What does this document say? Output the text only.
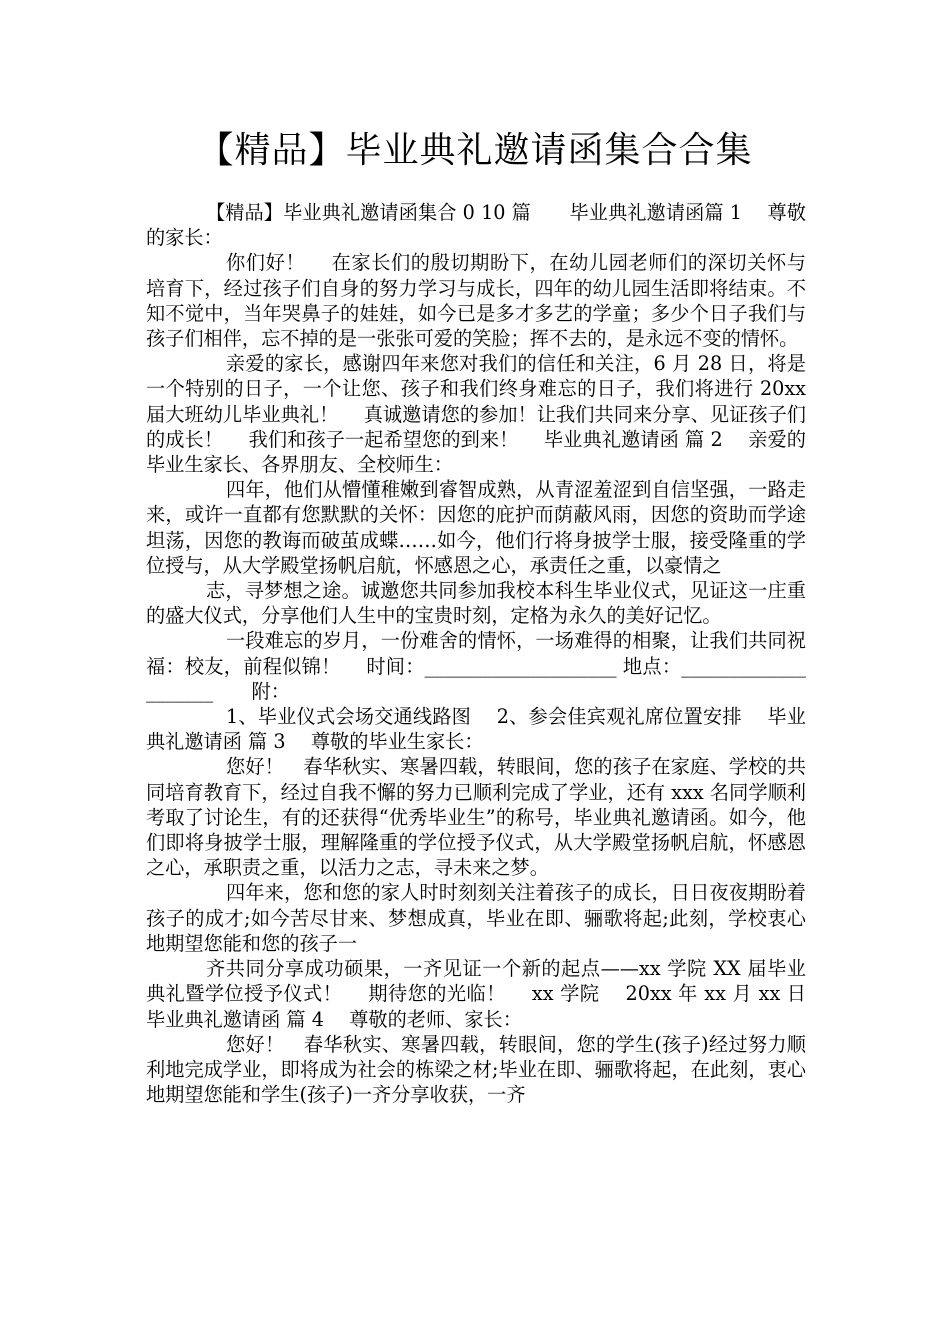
【精品】毕业典礼邀请函集合合集

【精品】毕业典礼邀请函集合 0 10 篇　　毕业典礼邀请函篇 1　 尊敬的家长：

你们好！　 在家长们的殷切期盼下，在幼儿园老师们的深切关怀与培育下，经过孩子们自身的努力学习与成长，四年的幼儿园生活即将结束。不知不觉中，当年哭鼻子的娃娃，如今已是多才多艺的学童；多少个日子我们与孩子们相伴，忘不掉的是一张张可爱的笑脸；挥不去的，是永远不变的情怀。

亲爱的家长，感谢四年来您对我们的信任和关注，6 月 28 日，将是一个特别的日子，一个让您、孩子和我们终身难忘的日子，我们将进行 20xx 届大班幼儿毕业典礼！　 真诚邀请您的参加！让我们共同来分享、见证孩子们的成长！　 我们和孩子一起希望您的到来！　 毕业典礼邀请函 篇 2　 亲爱的毕业生家长、各界朋友、全校师生：

四年，他们从懵懂稚嫩到睿智成熟，从青涩羞涩到自信坚强，一路走来，或许一直都有您默默的关怀：因您的庇护而荫蔽风雨，因您的资助而学途坦荡，因您的教诲而破茧成蝶……如今，他们行将身披学士服，接受隆重的学位授与，从大学殿堂扬帆启航，怀感恩之心，承责任之重，以豪情之

志，寻梦想之途。诚邀您共同参加我校本科生毕业仪式，见证这一庄重的盛大仪式，分享他们人生中的宝贵时刻，定格为永久的美好记忆。

一段难忘的岁月，一份难舍的情怀，一场难得的相聚，让我们共同祝福：校友，前程似锦！　 时间：____________________ 地点：____________________　　附：

1、毕业仪式会场交通线路图　 2、参会佳宾观礼席位置安排　 毕业典礼邀请函 篇 3　 尊敬的毕业生家长：

您好！　春华秋实、寒暑四载，转眼间，您的孩子在家庭、学校的共同培育教育下，经过自我不懈的努力已顺利完成了学业，还有 xxx 名同学顺利考取了讨论生，有的还获得“优秀毕业生”的称号，毕业典礼邀请函。如今，他们即将身披学士服，理解隆重的学位授予仪式，从大学殿堂扬帆启航，怀感恩之心，承职责之重，以活力之志，寻未来之梦。

四年来，您和您的家人时时刻刻关注着孩子的成长，日日夜夜期盼着孩子的成才;如今苦尽甘来、梦想成真，毕业在即、骊歌将起;此刻，学校衷心地期望您能和您的孩子一

齐共同分享成功硕果，一齐见证一个新的起点——xx 学院 XX 届毕业典礼暨学位授予仪式！　 期待您的光临！　 xx 学院　 20xx 年 xx 月 xx 日　 毕业典礼邀请函 篇 4　 尊敬的老师、家长：

您好！　春华秋实、寒暑四载，转眼间，您的学生(孩子)经过努力顺利地完成学业，即将成为社会的栋梁之材;毕业在即、骊歌将起，在此刻，衷心地期望您能和学生(孩子)一齐分享收获，一齐
